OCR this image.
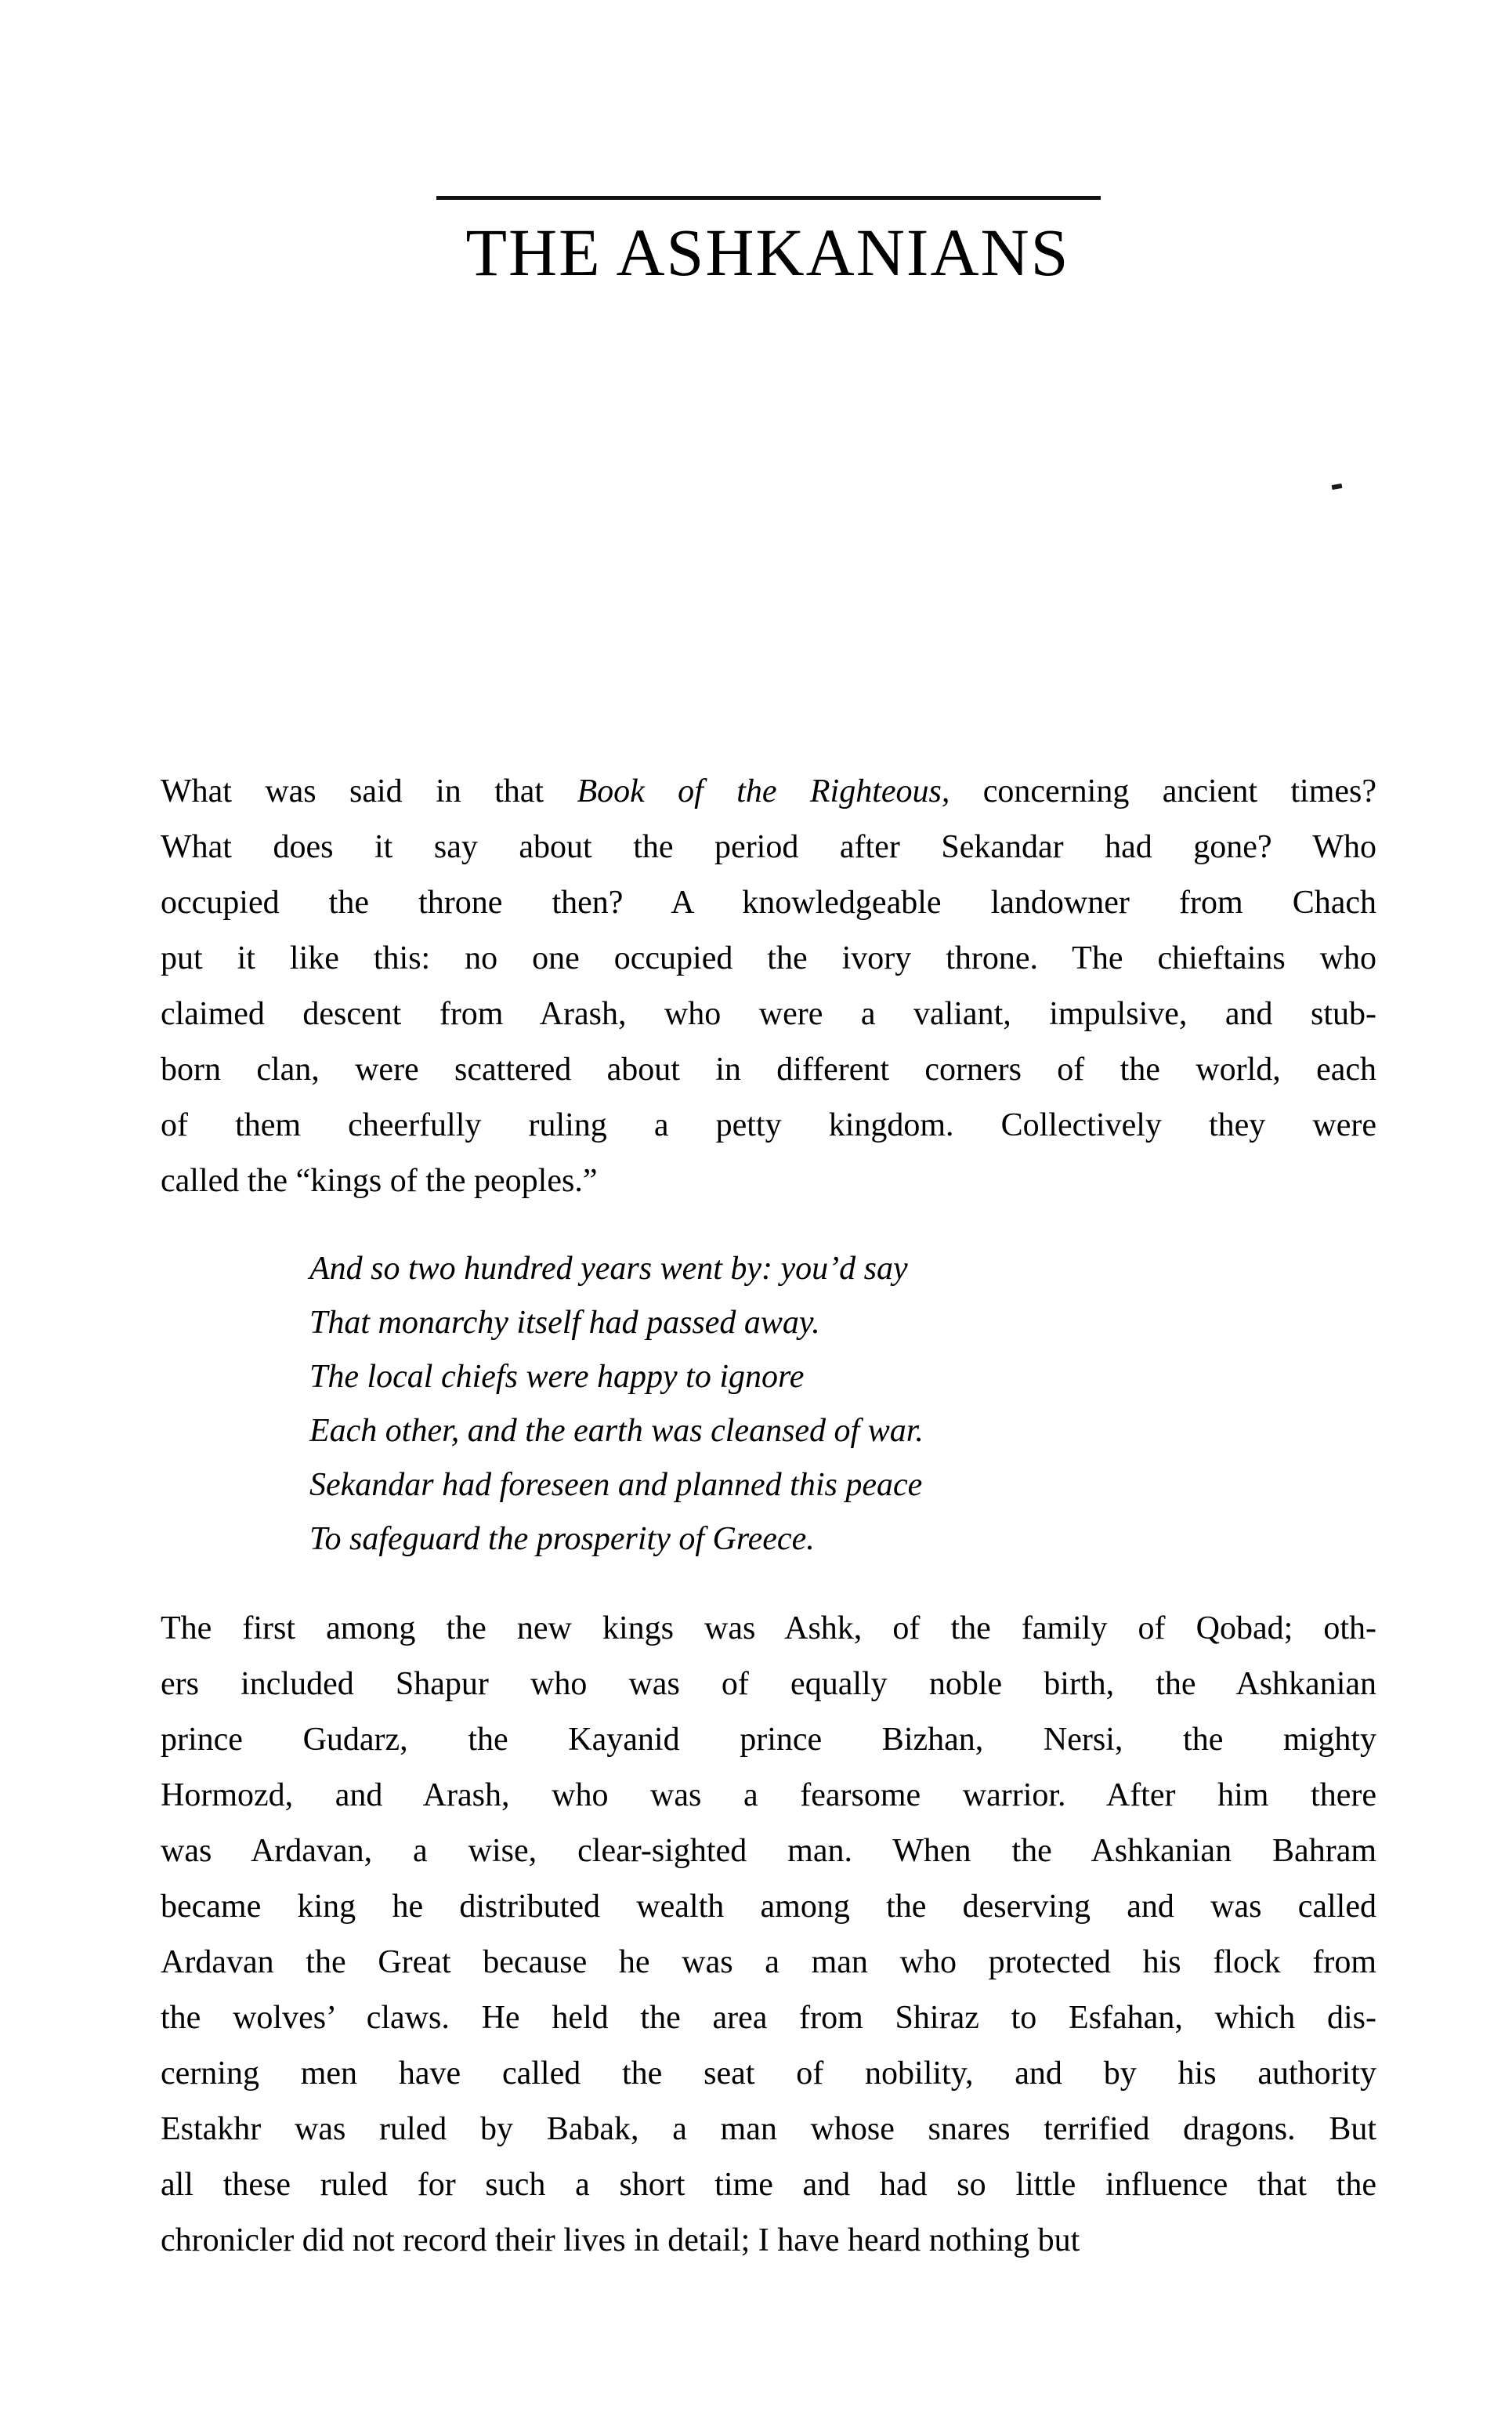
THE ASHKANIANS
What was said in that Book of the Righteous, concerning ancient times?
What does it say about the period after Sekandar had gone? Who
occupied the throne then? A knowledgeable landowner from Chach
put it like this: no one occupied the ivory throne. The chieftains who
claimed descent from Arash, who were a valiant, impulsive, and stub-
born clan, were scattered about in different corners of the world, each
of them cheerfully ruling a petty kingdom. Collectively they were
called the “kings of the peoples.”
And so two hundred years went by: you’d say
That monarchy itself had passed away.
The local chiefs were happy to ignore
Each other, and the earth was cleansed of war.
Sekandar had foreseen and planned this peace
To safeguard the prosperity of Greece.
The first among the new kings was Ashk, of the family of Qobad; oth-
ers included Shapur who was of equally noble birth, the Ashkanian
prince Gudarz, the Kayanid prince Bizhan, Nersi, the mighty
Hormozd, and Arash, who was a fearsome warrior. After him there
was Ardavan, a wise, clear-sighted man. When the Ashkanian Bahram
became king he distributed wealth among the deserving and was called
Ardavan the Great because he was a man who protected his flock from
the wolves’ claws. He held the area from Shiraz to Esfahan, which dis-
cerning men have called the seat of nobility, and by his authority
Estakhr was ruled by Babak, a man whose snares terrified dragons. But
all these ruled for such a short time and had so little influence that the
chronicler did not record their lives in detail; I have heard nothing but
